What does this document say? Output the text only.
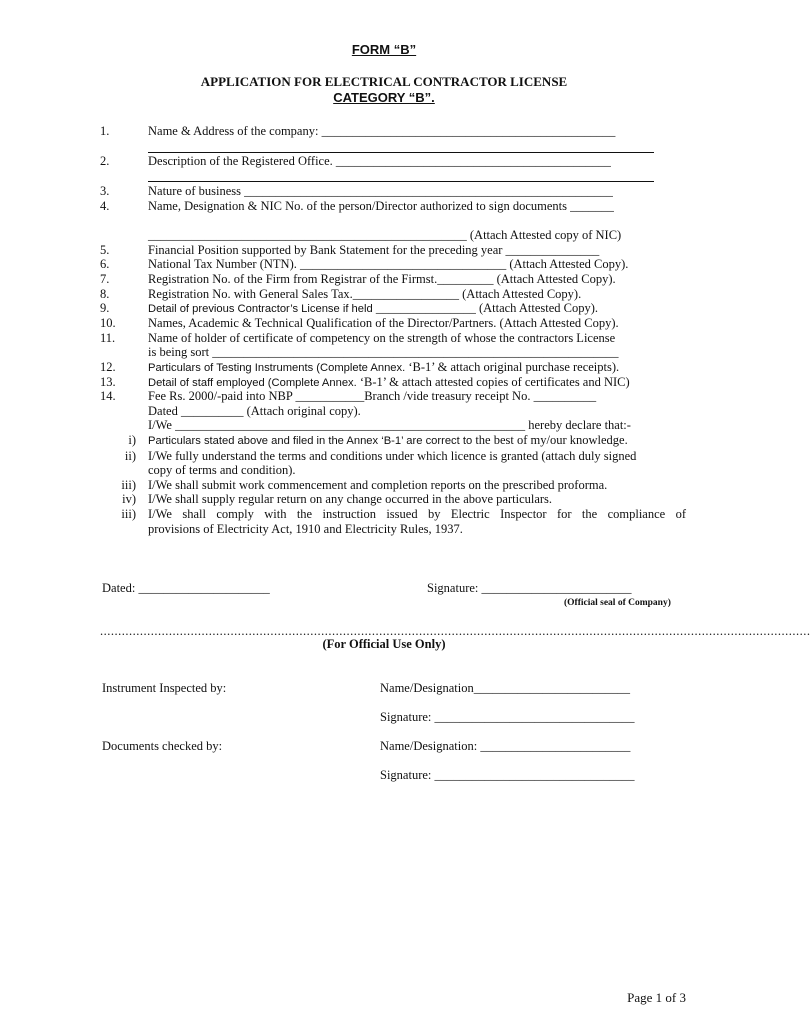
FORM “B”
APPLICATION FOR ELECTRICAL CONTRACTOR LICENSE
CATEGORY “B”.
1.	Name & Address of the company: _______________________________________________
2.	Description of the Registered Office. ____________________________________________
3.	Nature of business ___________________________________________________________
4.	Name, Designation & NIC No. of the person/Director authorized to sign documents _______
___________________________________________________ (Attach Attested copy of NIC)
5.	Financial Position supported by Bank Statement for the preceding year _______________
6.	National Tax Number (NTN). _________________________________ (Attach Attested Copy).
7.	Registration No. of the Firm from Registrar of the Firmst._________ (Attach Attested Copy).
8.	Registration No. with General Sales Tax._________________ (Attach Attested Copy).
9.	Detail of previous Contractor’s License if held ________________ (Attach Attested Copy).
10.	Names, Academic & Technical Qualification of the Director/Partners. (Attach Attested Copy).
11.	Name of holder of certificate of competency on the strength of whose the contractors License
is being sort _________________________________________________________________
12.	Particulars of Testing Instruments (Complete Annex. ‘B-1’ & attach original purchase receipts).
13.	Detail of staff employed (Complete Annex. ‘B-1’ & attach attested copies of certificates and NIC)
14.	Fee Rs. 2000/-paid into NBP ___________Branch /vide treasury receipt No. __________
Dated __________ (Attach original copy).
I/We ________________________________________________________ hereby declare that:-
i) Particulars stated above and filed in the Annex ‘B-1’ are correct to the best of my/our knowledge.
ii) I/We fully understand the terms and conditions under which licence is granted (attach duly signed
copy of terms and condition).
iii) I/We shall submit work commencement and completion reports on the prescribed proforma.
iv) I/We shall supply regular return on any change occurred in the above particulars.
iii) I/We shall comply with the instruction issued by Electric Inspector for the compliance of
provisions of Electricity Act, 1910 and Electricity Rules, 1937.
Dated: _____________________	Signature: ________________________
(Official seal of Company)
....................................................................................................................................................................................................
(For Official Use Only)
Instrument Inspected by:	Name/Designation_________________________
Signature: ________________________________
Documents checked by:	Name/Designation: ________________________
Signature: ________________________________
Page 1 of 3
